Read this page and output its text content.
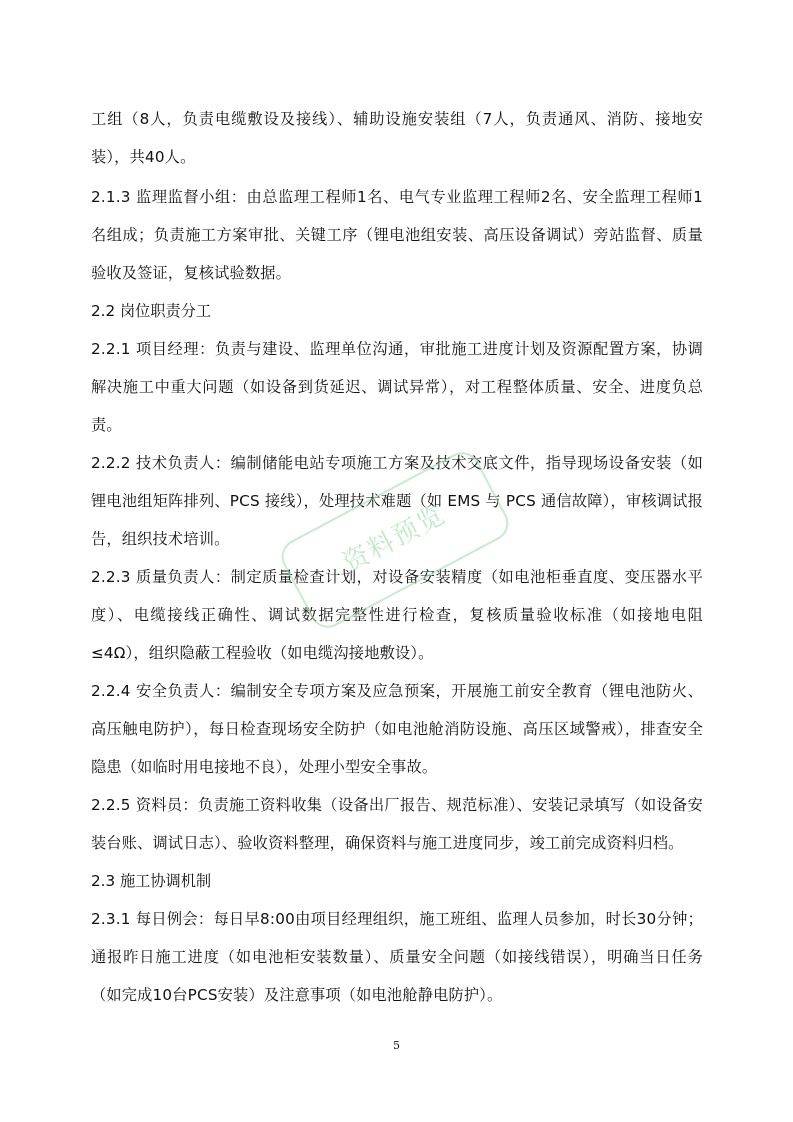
工组（8人，负责电缆敷设及接线）、辅助设施安装组（7人，负责通风、消防、接地安装），共40人。

2.1.3 监理监督小组：由总监理工程师1名、电气专业监理工程师2名、安全监理工程师1名组成；负责施工方案审批、关键工序（锂电池组安装、高压设备调试）旁站监督、质量验收及签证，复核试验数据。

2.2 岗位职责分工

2.2.1 项目经理：负责与建设、监理单位沟通，审批施工进度计划及资源配置方案，协调解决施工中重大问题（如设备到货延迟、调试异常），对工程整体质量、安全、进度负总责。

2.2.2 技术负责人：编制储能电站专项施工方案及技术交底文件，指导现场设备安装（如锂电池组矩阵排列、PCS 接线），处理技术难题（如 EMS 与 PCS 通信故障），审核调试报告，组织技术培训。

2.2.3 质量负责人：制定质量检查计划，对设备安装精度（如电池柜垂直度、变压器水平度）、电缆接线正确性、调试数据完整性进行检查，复核质量验收标准（如接地电阻≤4Ω），组织隐蔽工程验收（如电缆沟接地敷设）。

2.2.4 安全负责人：编制安全专项方案及应急预案，开展施工前安全教育（锂电池防火、高压触电防护），每日检查现场安全防护（如电池舱消防设施、高压区域警戒），排查安全隐患（如临时用电接地不良），处理小型安全事故。

2.2.5 资料员：负责施工资料收集（设备出厂报告、规范标准）、安装记录填写（如设备安装台账、调试日志）、验收资料整理，确保资料与施工进度同步，竣工前完成资料归档。

2.3 施工协调机制

2.3.1 每日例会：每日早8:00由项目经理组织，施工班组、监理人员参加，时长30分钟；通报昨日施工进度（如电池柜安装数量）、质量安全问题（如接线错误），明确当日任务（如完成10台PCS安装）及注意事项（如电池舱静电防护）。

资料预览
5
